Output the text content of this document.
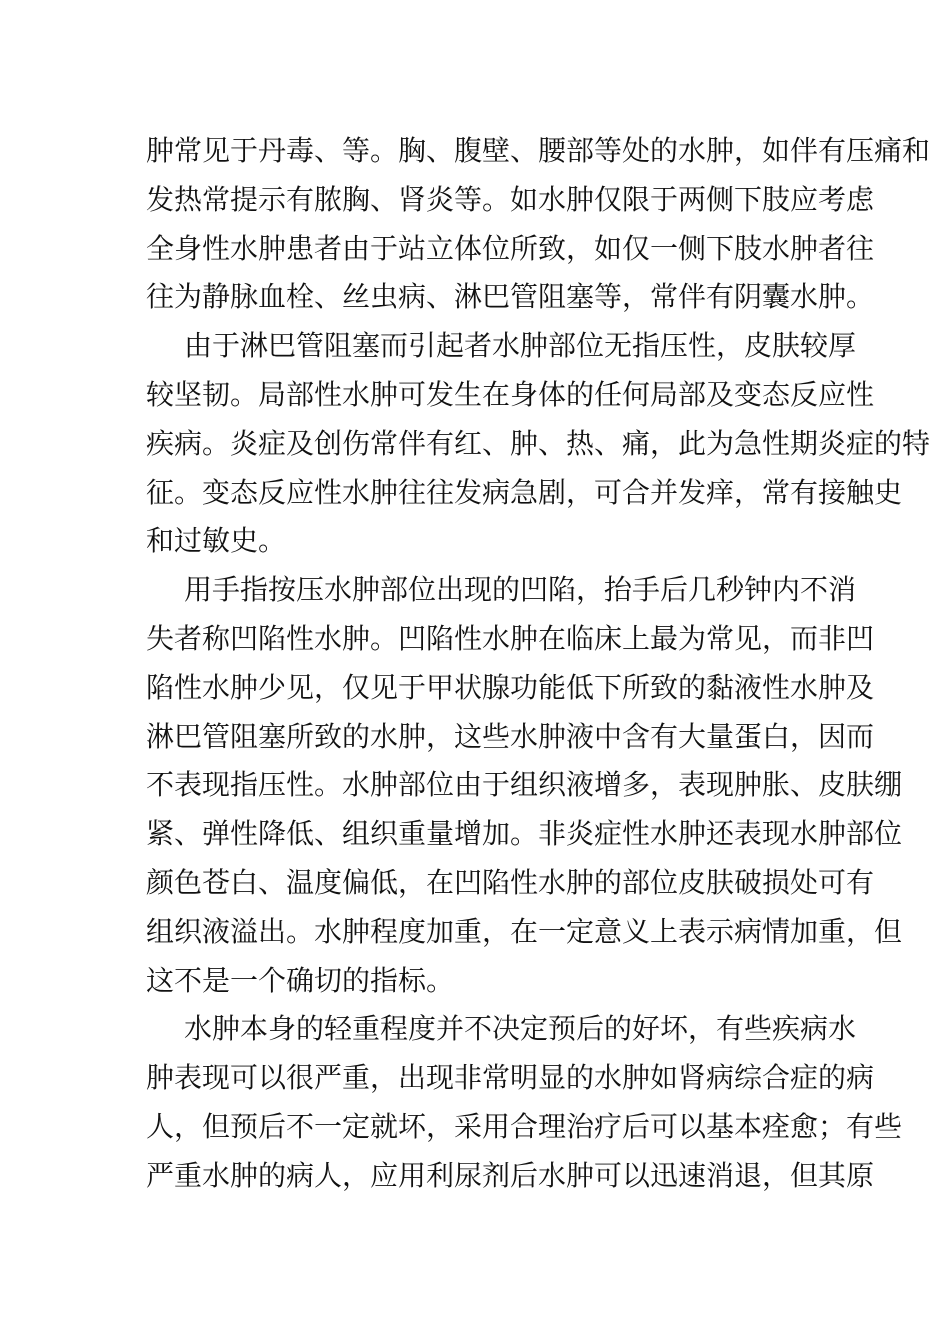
肿常见于丹毒、等。胸、腹壁、腰部等处的水肿，如伴有压痛和
发热常提示有脓胸、肾炎等。如水肿仅限于两侧下肢应考虑
全身性水肿患者由于站立体位所致，如仅一侧下肢水肿者往
往为静脉血栓、丝虫病、淋巴管阻塞等，常伴有阴囊水肿。
由于淋巴管阻塞而引起者水肿部位无指压性，皮肤较厚
较坚韧。局部性水肿可发生在身体的任何局部及变态反应性
疾病。炎症及创伤常伴有红、肿、热、痛，此为急性期炎症的特
征。变态反应性水肿往往发病急剧，可合并发痒，常有接触史
和过敏史。
用手指按压水肿部位出现的凹陷，抬手后几秒钟内不消
失者称凹陷性水肿。凹陷性水肿在临床上最为常见，而非凹
陷性水肿少见，仅见于甲状腺功能低下所致的黏液性水肿及
淋巴管阻塞所致的水肿，这些水肿液中含有大量蛋白，因而
不表现指压性。水肿部位由于组织液增多，表现肿胀、皮肤绷
紧、弹性降低、组织重量增加。非炎症性水肿还表现水肿部位
颜色苍白、温度偏低，在凹陷性水肿的部位皮肤破损处可有
组织液溢出。水肿程度加重，在一定意义上表示病情加重，但
这不是一个确切的指标。
水肿本身的轻重程度并不决定预后的好坏，有些疾病水
肿表现可以很严重，出现非常明显的水肿如肾病综合症的病
人，但预后不一定就坏，采用合理治疗后可以基本痊愈；有些
严重水肿的病人，应用利尿剂后水肿可以迅速消退，但其原
